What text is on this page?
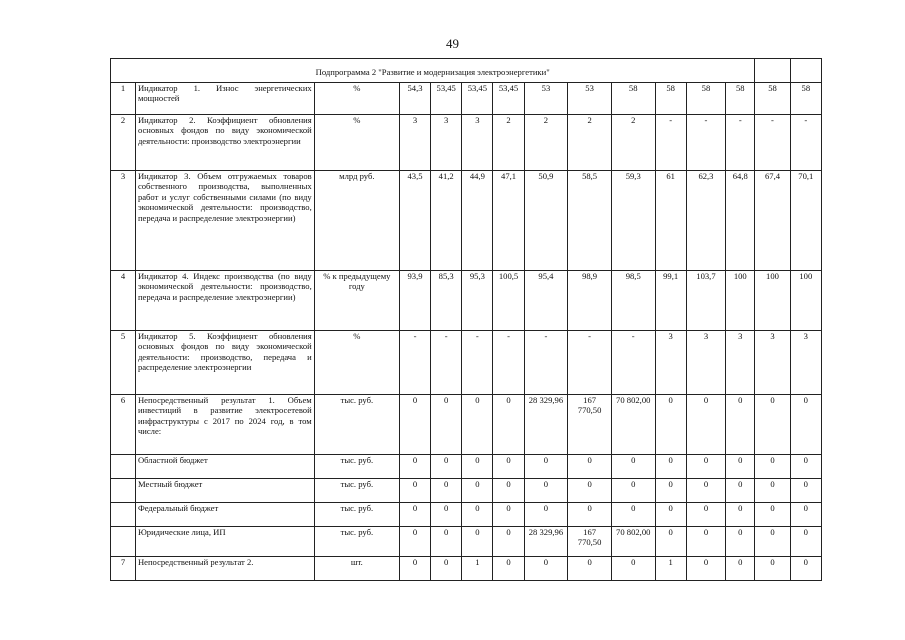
49
Подпрограмма 2 "Развитие и модернизация электроэнергетики"														
1	Индикатор 1. Износ энергетических мощностей	%	54,3	53,45	53,45	53,45	53	53	58	58	58	58	58	58
2	Индикатор 2. Коэффициент обновления основных фондов по виду экономической деятельности: производство электроэнергии	%	3	3	3	2	2	2	2	-	-	-	-	-
3	Индикатор 3. Объем отгружаемых товаров собственного производства, выполненных работ и услуг собственными силами (по виду экономической деятельности: производство, передача и распределение электроэнергии)	млрд руб.	43,5	41,2	44,9	47,1	50,9	58,5	59,3	61	62,3	64,8	67,4	70,1
4	Индикатор 4. Индекс производства (по виду экономической деятельности: производство, передача и распределение электроэнергии)	% к предыдущему году	93,9	85,3	95,3	100,5	95,4	98,9	98,5	99,1	103,7	100	100	100
5	Индикатор 5. Коэффициент обновления основных фондов по виду экономической деятельности: производство, передача и распределение электроэнергии	%	-	-	-	-	-	-	-	3	3	3	3	3
6	Непосредственный результат 1. Объем инвестиций в развитие электросетевой инфраструктуры с 2017 по 2024 год, в том числе:	тыс. руб.	0	0	0	0	28 329,96	167 770,50	70 802,00	0	0	0	0	0
	Областной бюджет	тыс. руб.	0	0	0	0	0	0	0	0	0	0	0	0
	Местный бюджет	тыс. руб.	0	0	0	0	0	0	0	0	0	0	0	0
	Федеральный бюджет	тыс. руб.	0	0	0	0	0	0	0	0	0	0	0	0
	Юридические лица, ИП	тыс. руб.	0	0	0	0	28 329,96	167 770,50	70 802,00	0	0	0	0	0
7	Непосредственный результат 2.	шт.	0	0	1	0	0	0	0	1	0	0	0	0
